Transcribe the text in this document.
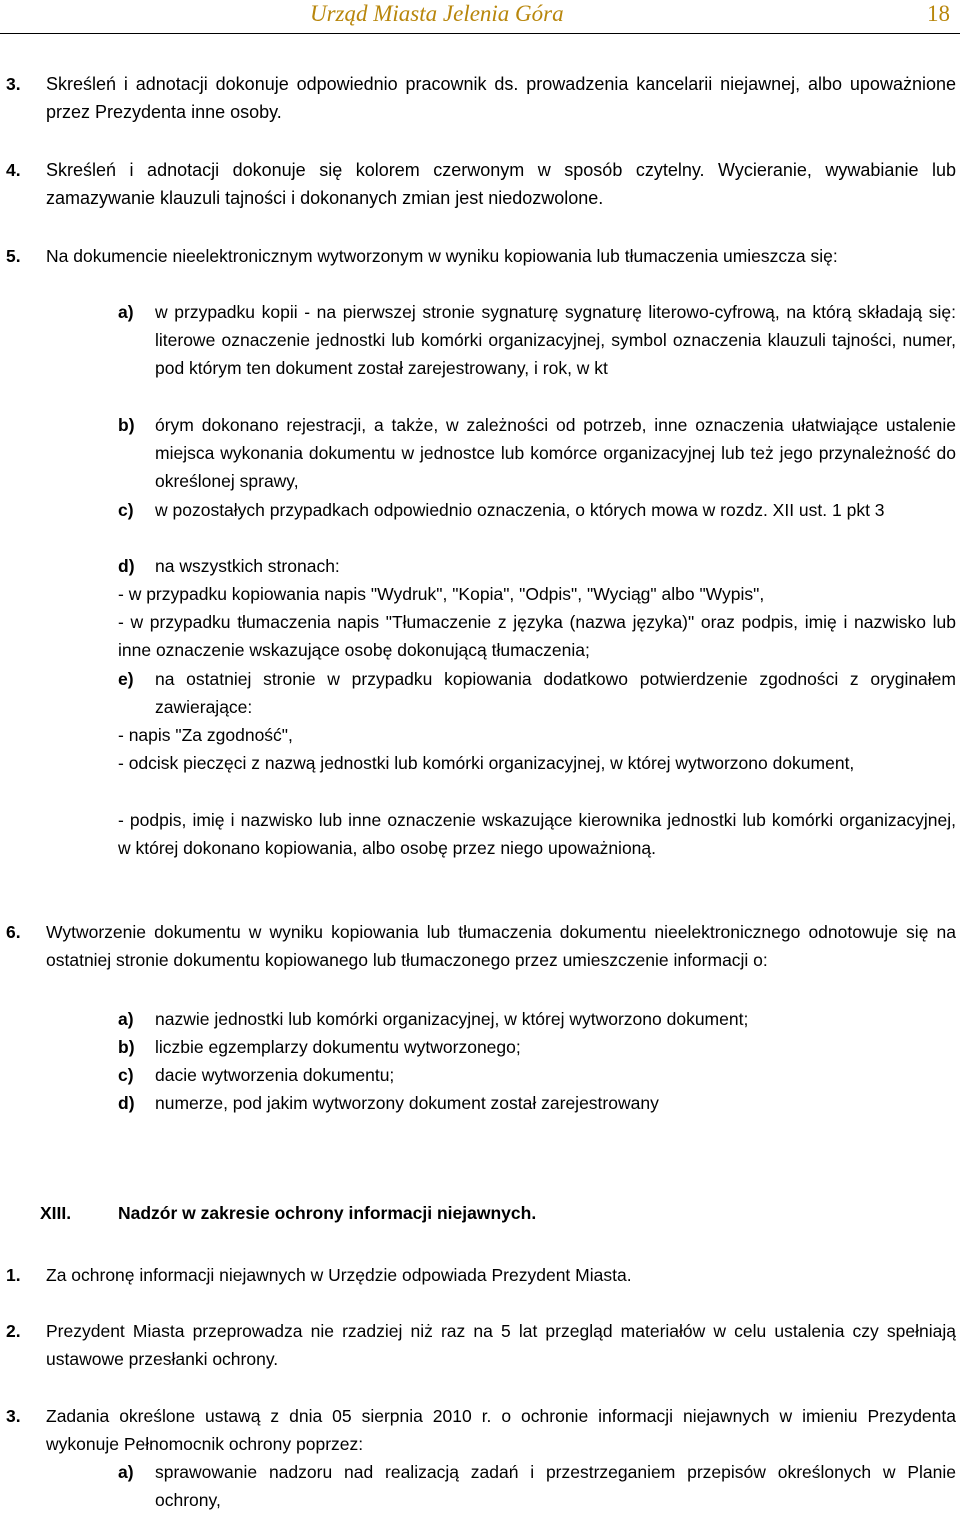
Urząd Miasta Jelenia Góra	18
3. Skreśleń i adnotacji dokonuje odpowiednio pracownik ds. prowadzenia kancelarii niejawnej, albo upoważnione przez Prezydenta inne osoby.
4. Skreśleń i adnotacji dokonuje się kolorem czerwonym w sposób czytelny. Wycieranie, wywabianie lub zamazywanie klauzuli tajności i dokonanych zmian jest niedozwolone.
5. Na dokumencie nieelektronicznym wytworzonym w wyniku kopiowania lub tłumaczenia umieszcza się:
a) w przypadku kopii - na pierwszej stronie sygnaturę sygnaturę literowo-cyfrową, na którą składają się: literowe oznaczenie jednostki lub komórki organizacyjnej, symbol oznaczenia klauzuli tajności, numer, pod którym ten dokument został zarejestrowany, i rok, w kt
b) órym dokonano rejestracji, a także, w zależności od potrzeb, inne oznaczenia ułatwiające ustalenie miejsca wykonania dokumentu w jednostce lub komórce organizacyjnej lub też jego przynależność do określonej sprawy,
c) w pozostałych przypadkach odpowiednio oznaczenia, o których mowa w rozdz. XII ust. 1 pkt 3
d) na wszystkich stronach:
- w przypadku kopiowania napis "Wydruk", "Kopia", "Odpis", "Wyciąg" albo "Wypis",
- w przypadku tłumaczenia napis "Tłumaczenie z języka (nazwa języka)" oraz podpis, imię i nazwisko lub inne oznaczenie wskazujące osobę dokonującą tłumaczenia;
e) na ostatniej stronie w przypadku kopiowania dodatkowo potwierdzenie zgodności z oryginałem zawierające:
- napis "Za zgodność",
- odcisk pieczęci z nazwą jednostki lub komórki organizacyjnej, w której wytworzono dokument,
- podpis, imię i nazwisko lub inne oznaczenie wskazujące kierownika jednostki lub komórki organizacyjnej, w której dokonano kopiowania, albo osobę przez niego upoważnioną.
6. Wytworzenie dokumentu w wyniku kopiowania lub tłumaczenia dokumentu nieelektronicznego odnotowuje się na ostatniej stronie dokumentu kopiowanego lub tłumaczonego przez umieszczenie informacji o:
a) nazwie jednostki lub komórki organizacyjnej, w której wytworzono dokument;
b) liczbie egzemplarzy dokumentu wytworzonego;
c) dacie wytworzenia dokumentu;
d) numerze, pod jakim wytworzony dokument został zarejestrowany
XIII.	Nadzór w zakresie ochrony informacji niejawnych.
1. Za ochronę informacji niejawnych w Urzędzie odpowiada Prezydent Miasta.
2. Prezydent Miasta przeprowadza nie rzadziej niż raz na 5 lat przegląd materiałów w celu ustalenia czy spełniają ustawowe przesłanki ochrony.
3. Zadania określone ustawą z dnia 05 sierpnia 2010 r. o ochronie informacji niejawnych w imieniu Prezydenta wykonuje Pełnomocnik ochrony poprzez:
a) sprawowanie nadzoru nad realizacją zadań i przestrzeganiem przepisów określonych w Planie ochrony,
